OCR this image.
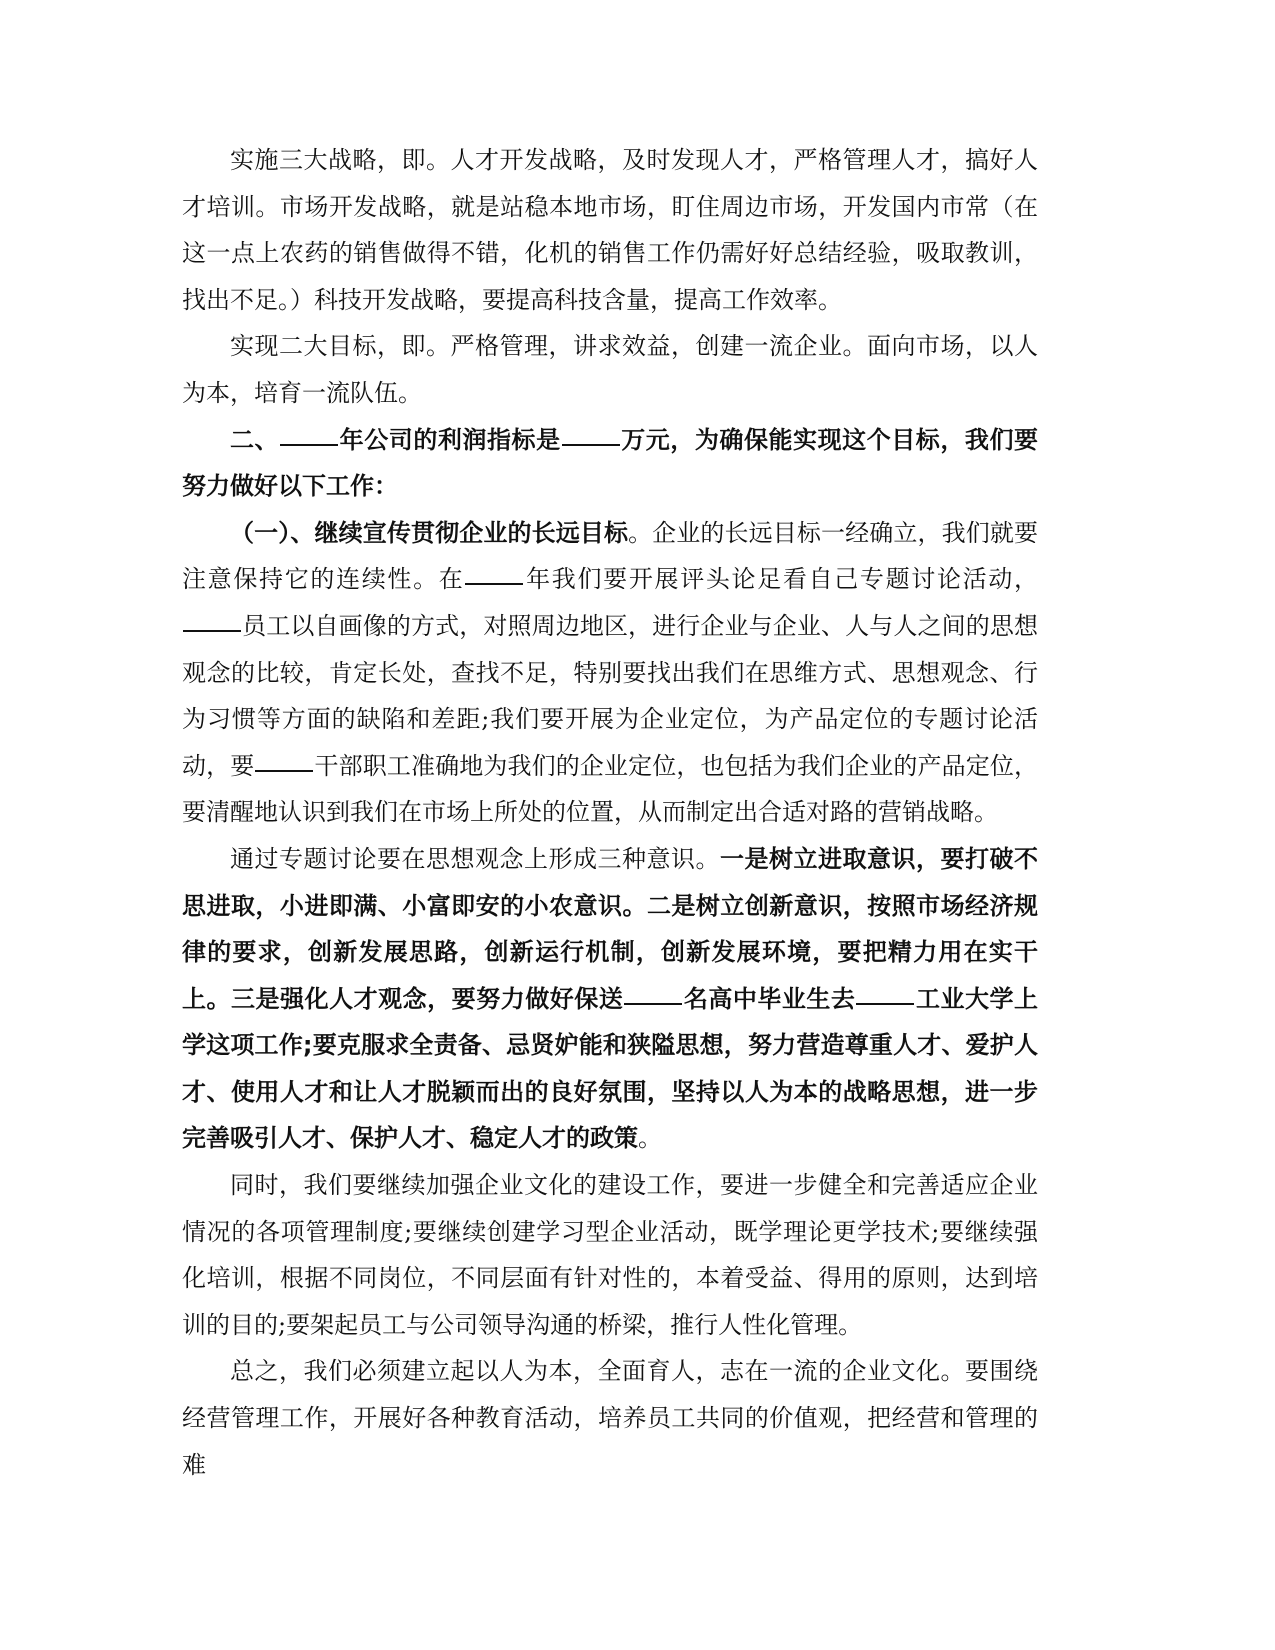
实施三大战略，即。人才开发战略，及时发现人才，严格管理人才，搞好人才培训。市场开发战略，就是站稳本地市场，盯住周边市场，开发国内市常（在这一点上农药的销售做得不错，化机的销售工作仍需好好总结经验，吸取教训，找出不足。）科技开发战略，要提高科技含量，提高工作效率。

实现二大目标，即。严格管理，讲求效益，创建一流企业。面向市场，以人为本，培育一流队伍。

二、	年公司的利润指标是	万元，为确保能实现这个目标，我们要努力做好以下工作：

（一）、继续宣传贯彻企业的长远目标。企业的长远目标一经确立，我们就要注意保持它的连续性。在	年我们要开展评头论足看自己专题讨论活动，员工以自画像的方式，对照周边地区，进行企业与企业、人与人之间的思想观念的比较，肯定长处，查找不足，特别要找出我们在思维方式、思想观念、行为习惯等方面的缺陷和差距;我们要开展为企业定位，为产品定位的专题讨论活动，要	干部职工准确地为我们的企业定位，也包括为我们企业的产品定位，要清醒地认识到我们在市场上所处的位置，从而制定出合适对路的营销战略。

通过专题讨论要在思想观念上形成三种意识。一是树立进取意识，要打破不思进取，小进即满、小富即安的小农意识。二是树立创新意识，按照市场经济规律的要求，创新发展思路，创新运行机制，创新发展环境，要把精力用在实干上。三是强化人才观念，要努力做好保送	名高中毕业生去	工业大学上学这项工作;要克服求全责备、忌贤妒能和狭隘思想，努力营造尊重人才、爱护人才、使用人才和让人才脱颖而出的良好氛围，坚持以人为本的战略思想，进一步完善吸引人才、保护人才、稳定人才的政策。

同时，我们要继续加强企业文化的建设工作，要进一步健全和完善适应企业情况的各项管理制度;要继续创建学习型企业活动，既学理论更学技术;要继续强化培训，根据不同岗位，不同层面有针对性的，本着受益、得用的原则，达到培训的目的;要架起员工与公司领导沟通的桥梁，推行人性化管理。

总之，我们必须建立起以人为本，全面育人，志在一流的企业文化。要围绕经营管理工作，开展好各种教育活动，培养员工共同的价值观，把经营和管理的难
